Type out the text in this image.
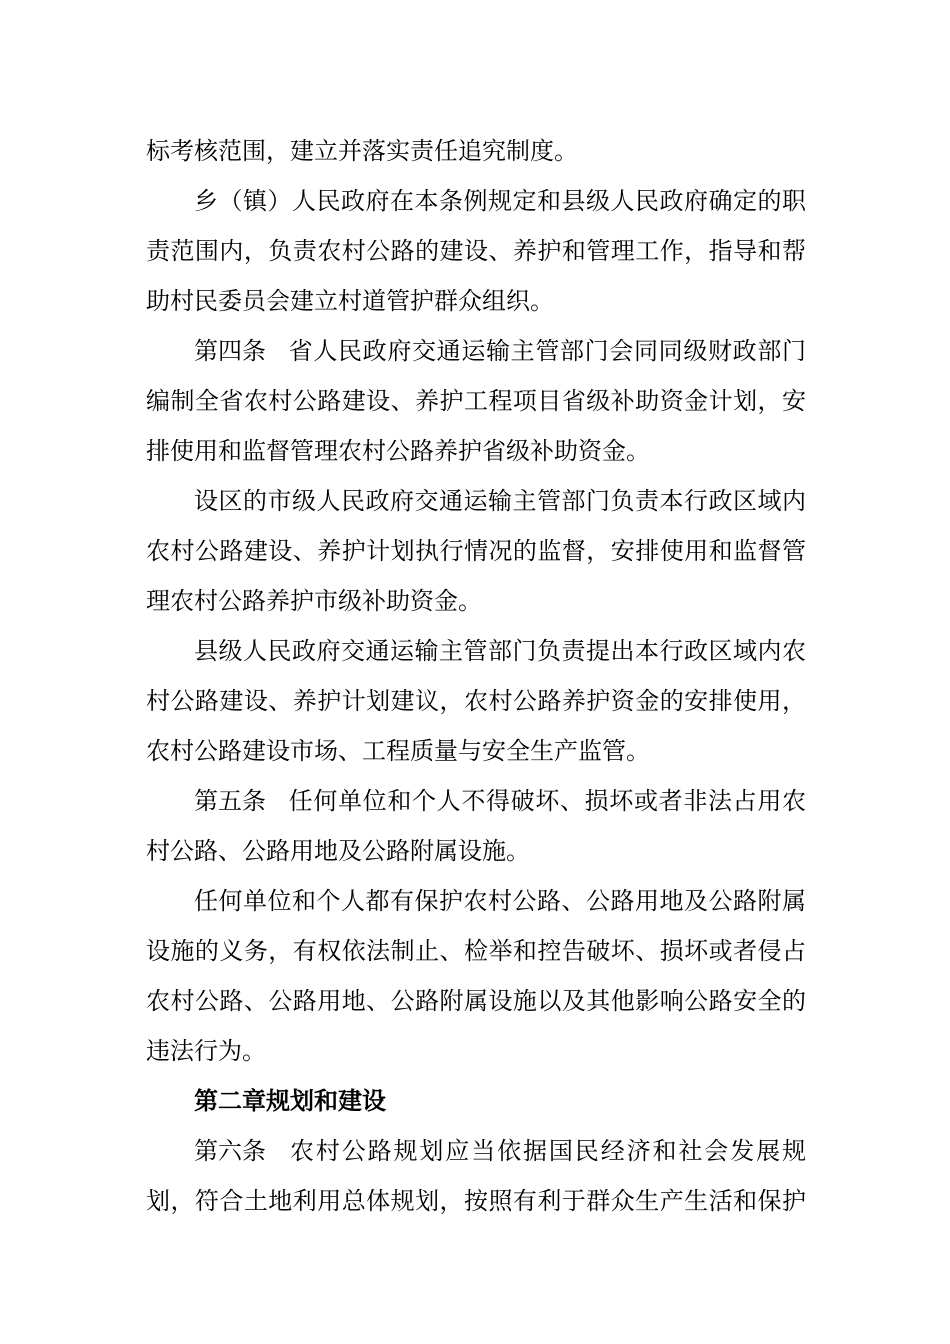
标考核范围，建立并落实责任追究制度。
乡（镇）人民政府在本条例规定和县级人民政府确定的职
责范围内，负责农村公路的建设、养护和管理工作，指导和帮
助村民委员会建立村道管护群众组织。
第四条 省人民政府交通运输主管部门会同同级财政部门
编制全省农村公路建设、养护工程项目省级补助资金计划，安
排使用和监督管理农村公路养护省级补助资金。
设区的市级人民政府交通运输主管部门负责本行政区域内
农村公路建设、养护计划执行情况的监督，安排使用和监督管
理农村公路养护市级补助资金。
县级人民政府交通运输主管部门负责提出本行政区域内农
村公路建设、养护计划建议，农村公路养护资金的安排使用，
农村公路建设市场、工程质量与安全生产监管。
第五条 任何单位和个人不得破坏、损坏或者非法占用农
村公路、公路用地及公路附属设施。
任何单位和个人都有保护农村公路、公路用地及公路附属
设施的义务，有权依法制止、检举和控告破坏、损坏或者侵占
农村公路、公路用地、公路附属设施以及其他影响公路安全的
违法行为。
第二章规划和建设
第六条 农村公路规划应当依据国民经济和社会发展规
划，符合土地利用总体规划，按照有利于群众生产生活和保护
